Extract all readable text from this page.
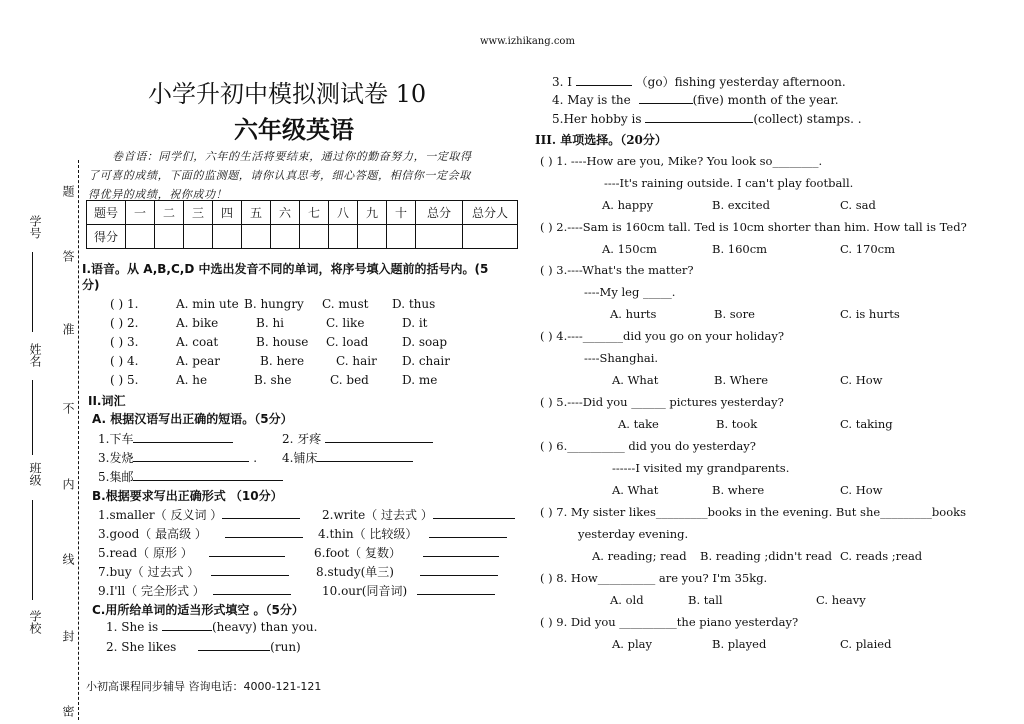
www.izhikang.com
学号
姓名
班级
学校
题
答
准
不
内
线
封
密
小学升初中模拟测试卷 10
六年级英语
卷首语：同学们，六年的生活将要结束，通过你的勤奋努力，一定取得
了可喜的成绩，下面的监测题，请你认真思考，细心答题，相信你一定会取
得优异的成绩，祝你成功！
题号	一	二	三	四	五	六	七	八	九	十	总分	总分人
得分												
I.语音。从 A,B,C,D 中选出发音不同的单词，将序号填入题前的括号内。(5
分)
( ) 1.	A. min ute B. hungry C. must D. thus
( ) 2.	A. bike	B. hi	C. like	D. it
( ) 3.	A. coat	B. house C. load	D. soap
( ) 4.	A. pear	B. here	C. hair D. chair
( ) 5.	A. he	B. she	C. bed	D. me
II.词汇
A. 根据汉语写出正确的短语。（5分）
1.下车	2. 牙疼
3.发烧	. 4.铺床
5.集邮
B.根据要求写出正确形式 （10分）
1.smaller（ 反义词 ）	2.write（ 过去式 ）
3.good（ 最高级 ）	4.thin（ 比较级）
5.read（ 原形 ）	6.foot（ 复数）
7.buy（ 过去式 ）	8.study(单三)
9.I'll（ 完全形式 ）	10.our(同音词)
C.用所给单词的适当形式填空 。（5分）
1. She is	(heavy) than you.
2. She likes	(run)
小初高课程同步辅导 咨询电话：4000-121-121
3. I	（go）fishing yesterday afternoon.
4. May is the	(five) month of the year.
5.Her hobby is	(collect) stamps. .
III. 单项选择。（20分）
( ) 1. ----How are you, Mike? You look so________.
----It's raining outside. I can't play football.
A. happy	B. excited	C. sad
( ) 2.----Sam is 160cm tall. Ted is 10cm shorter than him. How tall is Ted?
A. 150cm	B. 160cm	C. 170cm
( ) 3.----What's the matter?
----My leg _____.
A. hurts	B. sore	C. is hurts
( ) 4.----_______did you go on your holiday?
----Shanghai.
A. What	B. Where	C. How
( ) 5.----Did you ______ pictures yesterday?
A. take	B. took	C. taking
( ) 6.__________ did you do yesterday?
------I visited my grandparents.
A. What	B. where	C. How
( ) 7. My sister likes_________books in the evening. But she_________books
yesterday evening.
A. reading; read B. reading ;didn't read C. reads ;read
( ) 8. How__________ are you? I'm 35kg.
A. old	B. tall	C. heavy
( ) 9. Did you __________the piano yesterday?
A. play	B. played	C. plaied
